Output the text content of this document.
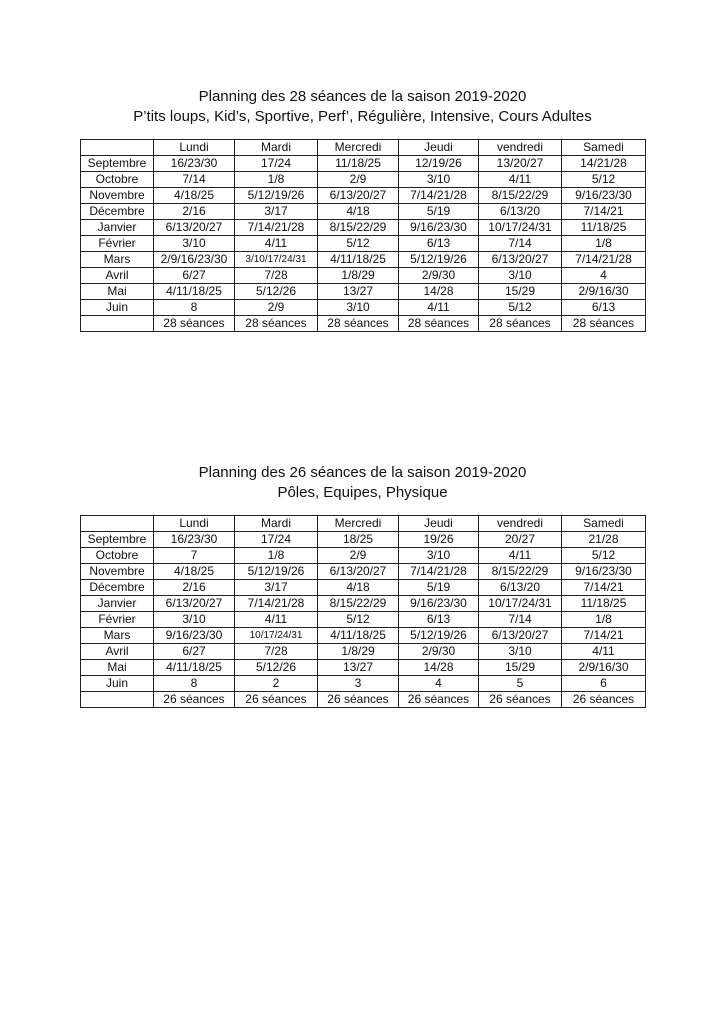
Planning des 28 séances de la saison 2019-2020
P’tits loups, Kid’s, Sportive, Perf’, Régulière, Intensive, Cours Adultes
	Lundi	Mardi	Mercredi	Jeudi	vendredi	Samedi
Septembre	16/23/30	17/24	11/18/25	12/19/26	13/20/27	14/21/28
Octobre	7/14	1/8	2/9	3/10	4/11	5/12
Novembre	4/18/25	5/12/19/26	6/13/20/27	7/14/21/28	8/15/22/29	9/16/23/30
Décembre	2/16	3/17	4/18	5/19	6/13/20	7/14/21
Janvier	6/13/20/27	7/14/21/28	8/15/22/29	9/16/23/30	10/17/24/31	11/18/25
Février	3/10	4/11	5/12	6/13	7/14	1/8
Mars	2/9/16/23/30	3/10/17/24/31	4/11/18/25	5/12/19/26	6/13/20/27	7/14/21/28
Avril	6/27	7/28	1/8/29	2/9/30	3/10	4
Mai	4/11/18/25	5/12/26	13/27	14/28	15/29	2/9/16/30
Juin	8	2/9	3/10	4/11	5/12	6/13
	28 séances	28 séances	28 séances	28 séances	28 séances	28 séances
Planning des 26 séances de la saison 2019-2020
Pôles, Equipes, Physique
	Lundi	Mardi	Mercredi	Jeudi	vendredi	Samedi
Septembre	16/23/30	17/24	18/25	19/26	20/27	21/28
Octobre	7	1/8	2/9	3/10	4/11	5/12
Novembre	4/18/25	5/12/19/26	6/13/20/27	7/14/21/28	8/15/22/29	9/16/23/30
Décembre	2/16	3/17	4/18	5/19	6/13/20	7/14/21
Janvier	6/13/20/27	7/14/21/28	8/15/22/29	9/16/23/30	10/17/24/31	11/18/25
Février	3/10	4/11	5/12	6/13	7/14	1/8
Mars	9/16/23/30	10/17/24/31	4/11/18/25	5/12/19/26	6/13/20/27	7/14/21
Avril	6/27	7/28	1/8/29	2/9/30	3/10	4/11
Mai	4/11/18/25	5/12/26	13/27	14/28	15/29	2/9/16/30
Juin	8	2	3	4	5	6
	26 séances	26 séances	26 séances	26 séances	26 séances	26 séances
